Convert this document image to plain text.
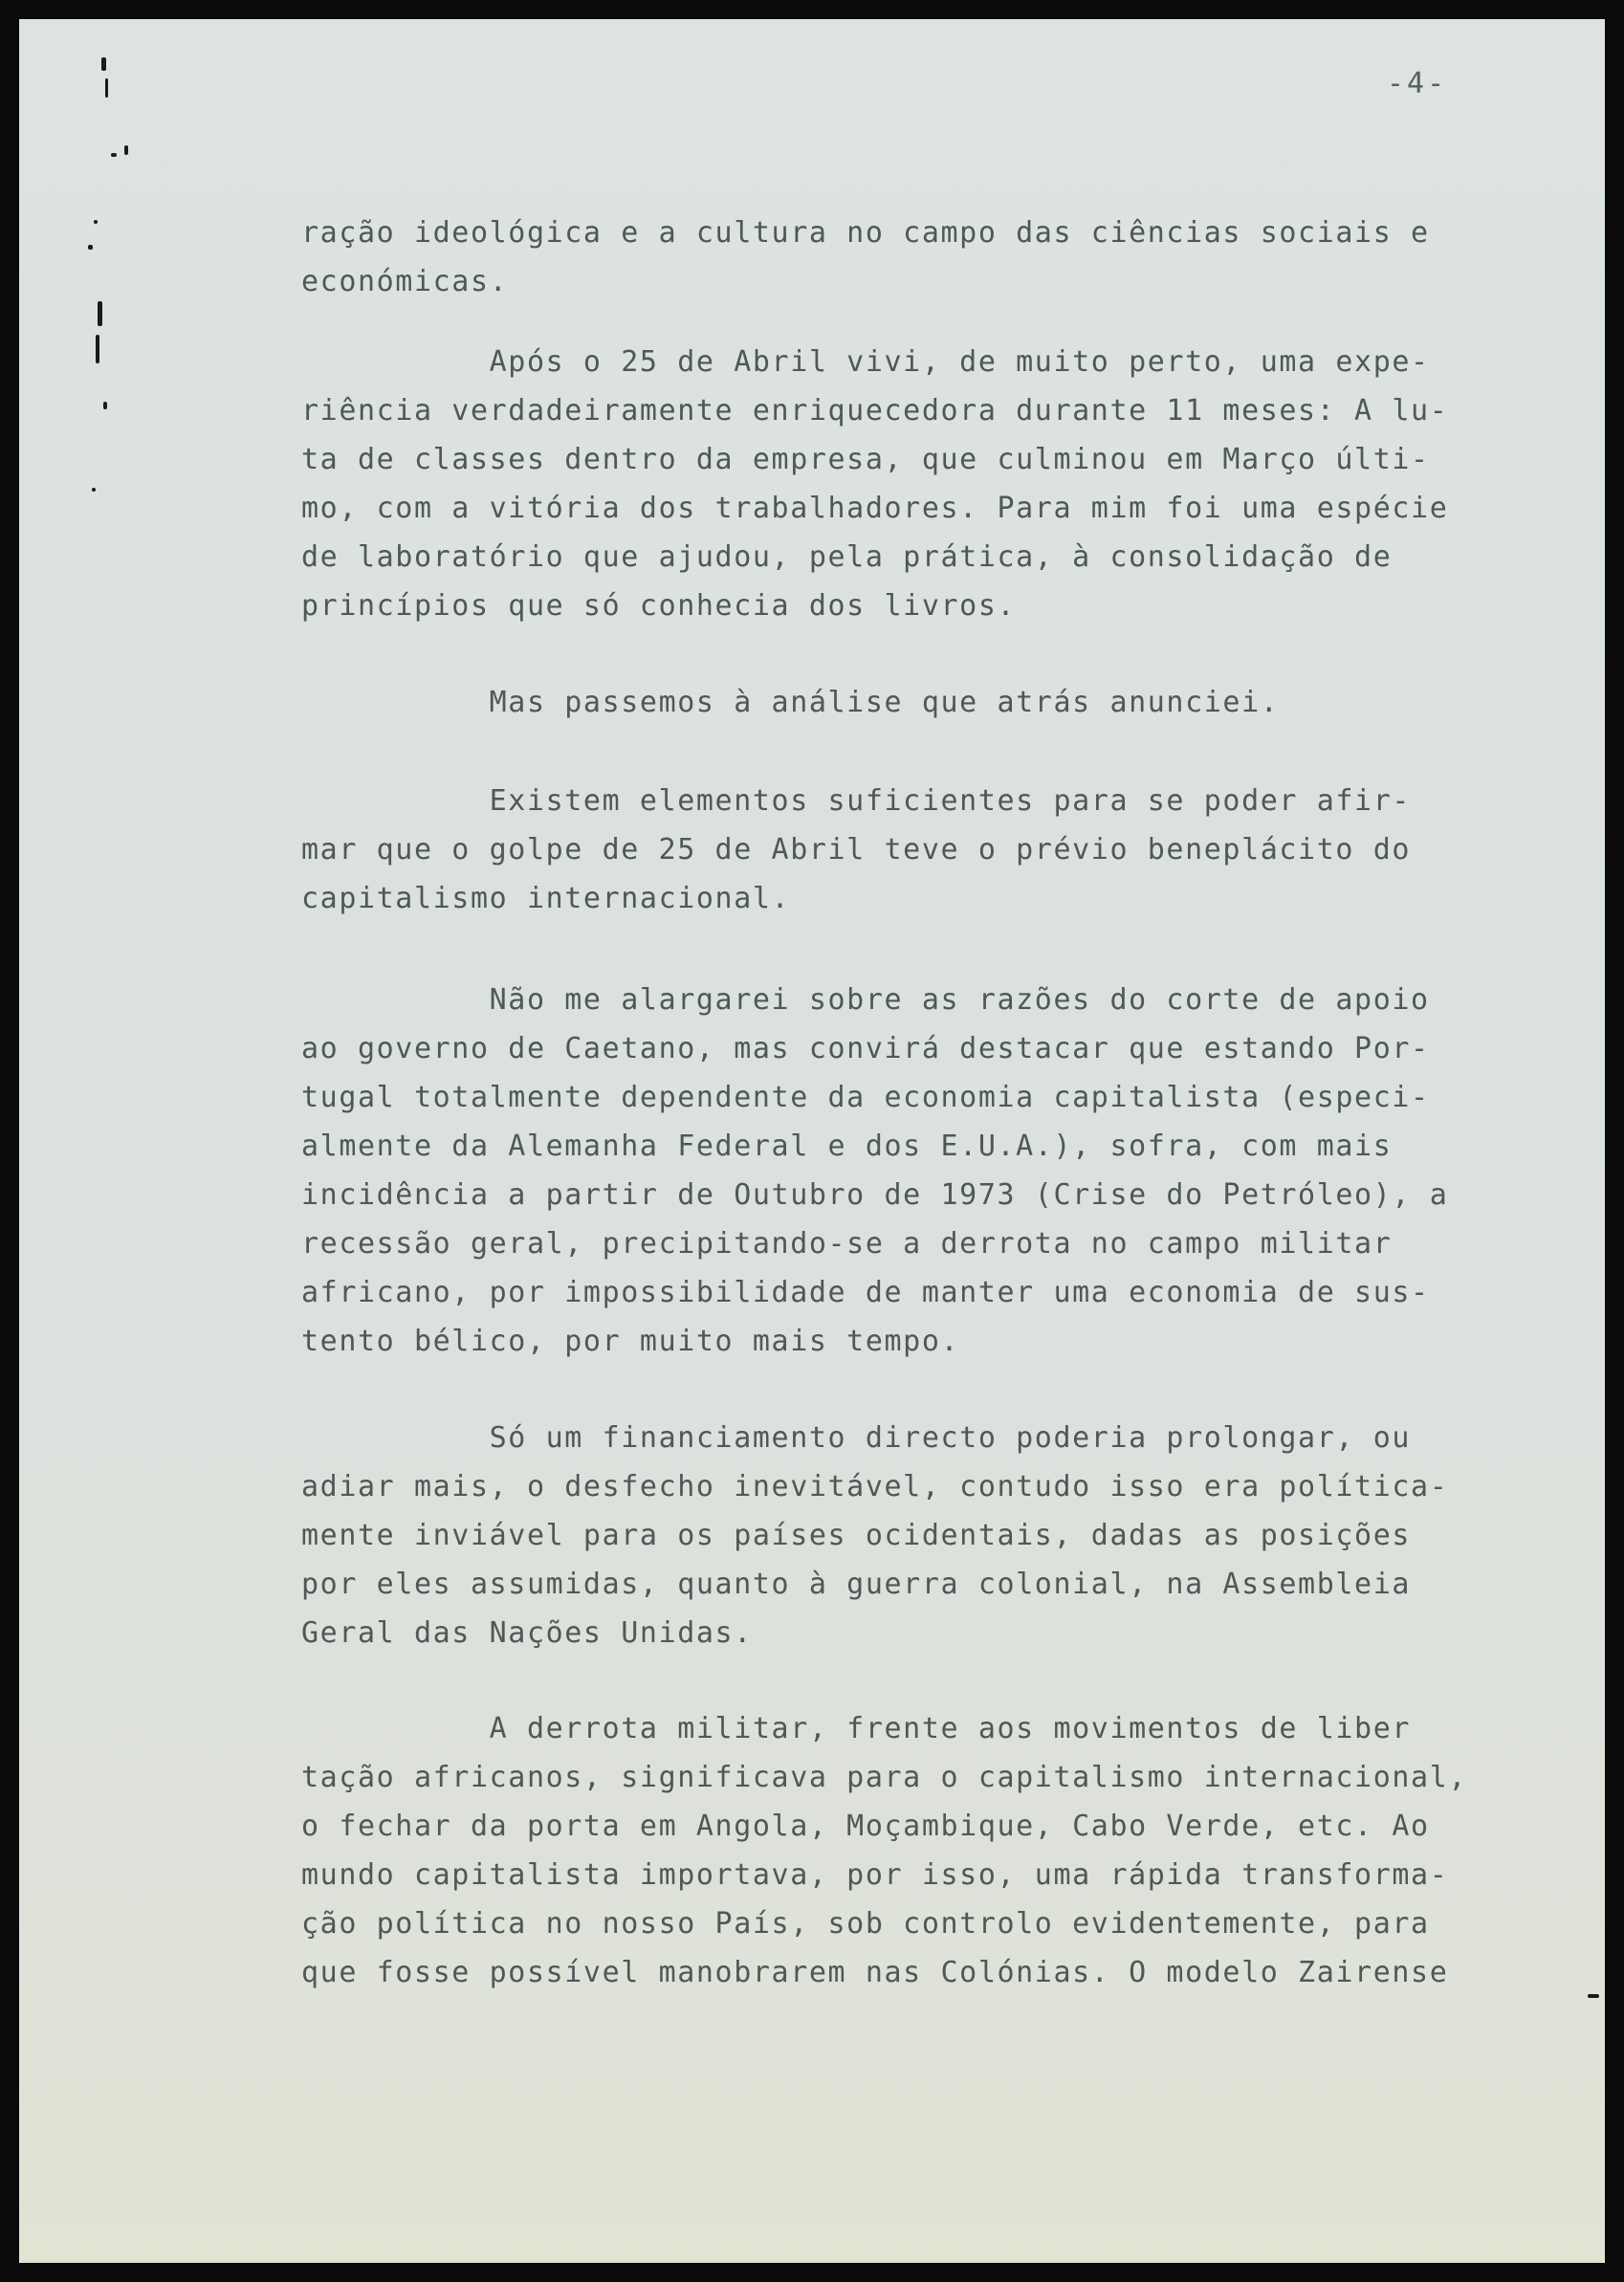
-4-
ração ideológica e a cultura no campo das ciências sociais e
económicas.
Após o 25 de Abril vivi, de muito perto, uma expe-
riência verdadeiramente enriquecedora durante 11 meses: A lu-
ta de classes dentro da empresa, que culminou em Março últi-
mo, com a vitória dos trabalhadores. Para mim foi uma espécie
de laboratório que ajudou, pela prática, à consolidação de
princípios que só conhecia dos livros.
Mas passemos à análise que atrás anunciei.
Existem elementos suficientes para se poder afir-
mar que o golpe de 25 de Abril teve o prévio beneplácito do
capitalismo internacional.
Não me alargarei sobre as razões do corte de apoio
ao governo de Caetano, mas convirá destacar que estando Por-
tugal totalmente dependente da economia capitalista (especi-
almente da Alemanha Federal e dos E.U.A.), sofra, com mais
incidência a partir de Outubro de 1973 (Crise do Petróleo), a
recessão geral, precipitando-se a derrota no campo militar
africano, por impossibilidade de manter uma economia de sus-
tento bélico, por muito mais tempo.
Só um financiamento directo poderia prolongar, ou
adiar mais, o desfecho inevitável, contudo isso era política-
mente inviável para os países ocidentais, dadas as posições
por eles assumidas, quanto à guerra colonial, na Assembleia
Geral das Nações Unidas.
A derrota militar, frente aos movimentos de liber
tação africanos, significava para o capitalismo internacional,
o fechar da porta em Angola, Moçambique, Cabo Verde, etc. Ao
mundo capitalista importava, por isso, uma rápida transforma-
ção política no nosso País, sob controlo evidentemente, para
que fosse possível manobrarem nas Colónias. O modelo Zairense
